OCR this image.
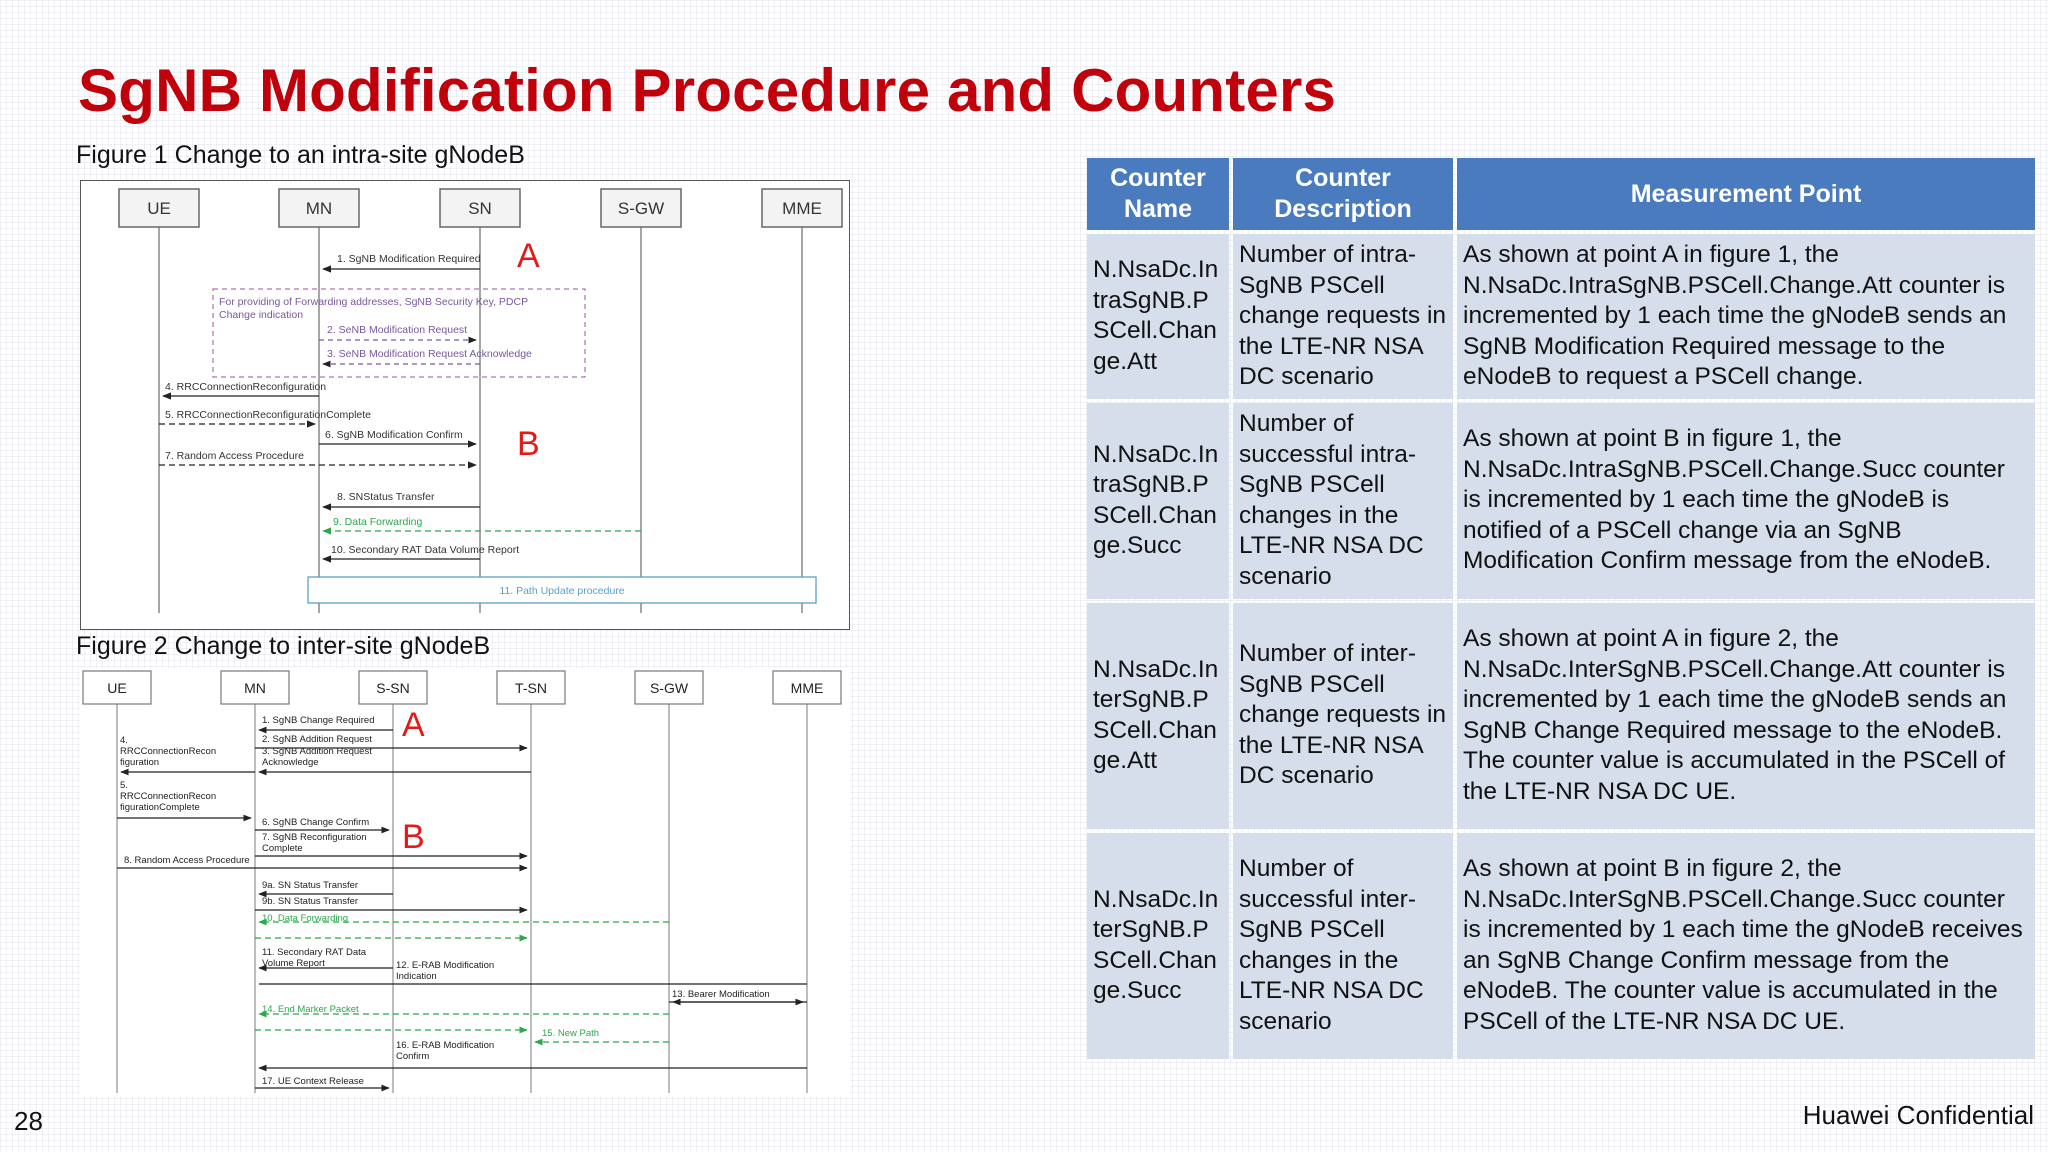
SgNB Modification Procedure and Counters
Figure 1 Change to an intra-site gNodeB
UE	MN	SN	S-GW	MME
1. SgNB Modification Required A
For providing of Forwarding addresses, SgNB Security Key, PDCP
Change indication
2. SeNB Modification Request
3. SeNB Modification Request Acknowledge
4. RRCConnectionReconfiguration
5. RRCConnectionReconfigurationComplete
6. SgNB Modification Confirm B
7. Random Access Procedure
8. SNStatus Transfer
9. Data Forwarding
10. Secondary RAT Data Volume Report
11. Path Update procedure
Figure 2 Change to inter-site gNodeB
UE	MN	S-SN	T-SN	S-GW	MME
1. SgNB Change Required A
2. SgNB Addition Request
3. SgNB Addition Request
Acknowledge
4.
RRCConnectionRecon
figuration
5.
RRCConnectionRecon
figurationComplete
6. SgNB Change Confirm B
7. SgNB Reconfiguration
Complete
8. Random Access Procedure
9a. SN Status Transfer
9b. SN Status Transfer
10. Data Forwarding
11. Secondary RAT Data
Volume Report	12. E-RAB Modification
Indication
13. Bearer Modification
14. End Marker Packet
15. New Path
16. E-RAB Modification
Confirm
17. UE Context Release
Counter Name	Counter Description	Measurement Point
N.NsaDc.IntraSgNB.PSCell.Change.Att	Number of intra-SgNB PSCell change requests in the LTE-NR NSA DC scenario	As shown at point A in figure 1, the N.NsaDc.IntraSgNB.PSCell.Change.Att counter is incremented by 1 each time the gNodeB sends an SgNB Modification Required message to the eNodeB to request a PSCell change.
N.NsaDc.IntraSgNB.PSCell.Change.Succ	Number of successful intra-SgNB PSCell changes in the LTE-NR NSA DC scenario	As shown at point B in figure 1, the N.NsaDc.IntraSgNB.PSCell.Change.Succ counter is incremented by 1 each time the gNodeB is notified of a PSCell change via an SgNB Modification Confirm message from the eNodeB.
N.NsaDc.InterSgNB.PSCell.Change.Att	Number of inter-SgNB PSCell change requests in the LTE-NR NSA DC scenario	As shown at point A in figure 2, the N.NsaDc.InterSgNB.PSCell.Change.Att counter is incremented by 1 each time the gNodeB sends an SgNB Change Required message to the eNodeB. The counter value is accumulated in the PSCell of the LTE-NR NSA DC UE.
N.NsaDc.InterSgNB.PSCell.Change.Succ	Number of successful inter-SgNB PSCell changes in the LTE-NR NSA DC scenario	As shown at point B in figure 2, the N.NsaDc.InterSgNB.PSCell.Change.Succ counter is incremented by 1 each time the gNodeB receives an SgNB Change Confirm message from the eNodeB. The counter value is accumulated in the PSCell of the LTE-NR NSA DC UE.
28	Huawei Confidential
